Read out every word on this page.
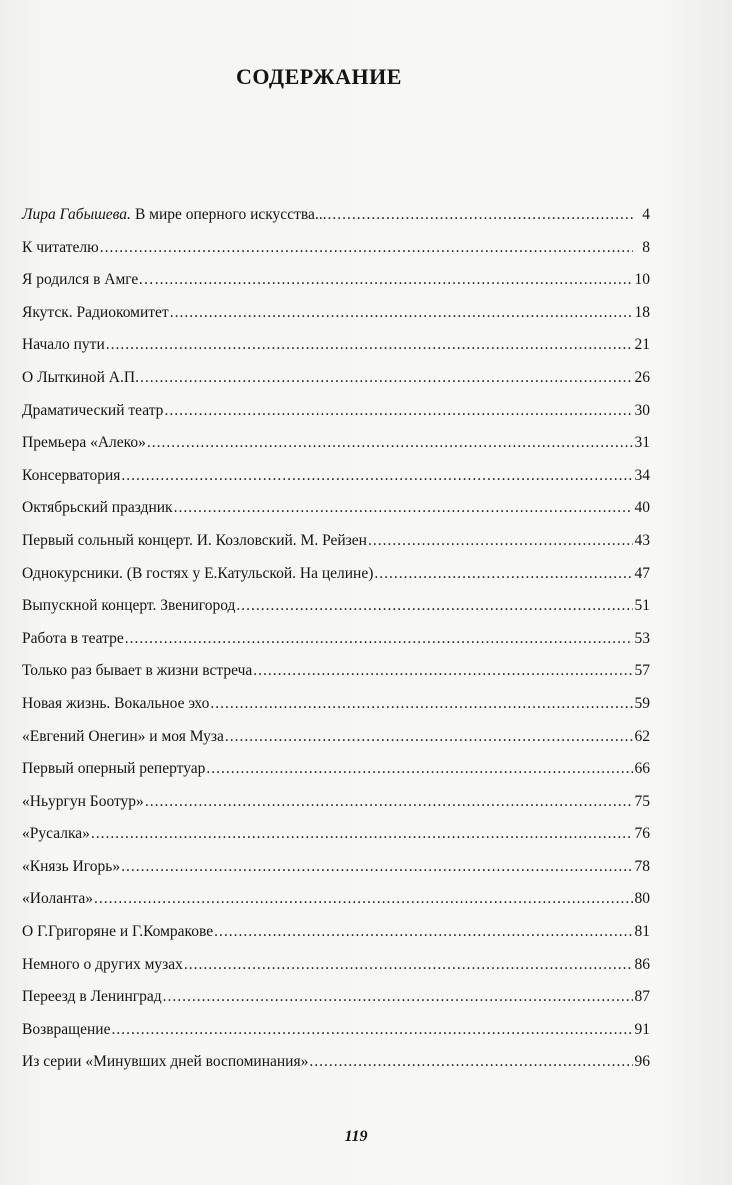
СОДЕРЖАНИЕ
Лира Габышева. В мире оперного искусства... .....	4
К читателю .....	8
Я родился в Амге… .....	10
Якутск. Радиокомитет .....	18
Начало пути .....	21
О Лыткиной А.П. .....	26
Драматический театр .....	30
Премьера «Алеко» .....	31
Консерватория .....	34
Октябрьский праздник .....	40
Первый сольный концерт. И. Козловский. М. Рейзен .....	43
Однокурсники. (В гостях у Е.Катульской. На целине) .....	47
Выпускной концерт. Звенигород .....	51
Работа в театре .....	53
Только раз бывает в жизни встреча .....	57
Новая жизнь. Вокальное эхо .....	59
«Евгений Онегин» и моя Муза .....	62
Первый оперный репертуар .....	66
«Ньургун Боотур» .....	75
«Русалка» .....	76
«Князь Игорь» .....	78
«Иоланта» .....	80
О Г.Григоряне и Г.Комракове .....	81
Немного о других музах .....	86
Переезд в Ленинград .....	87
Возвращение .....	91
Из серии «Минувших дней воспоминания» .....	96
119
